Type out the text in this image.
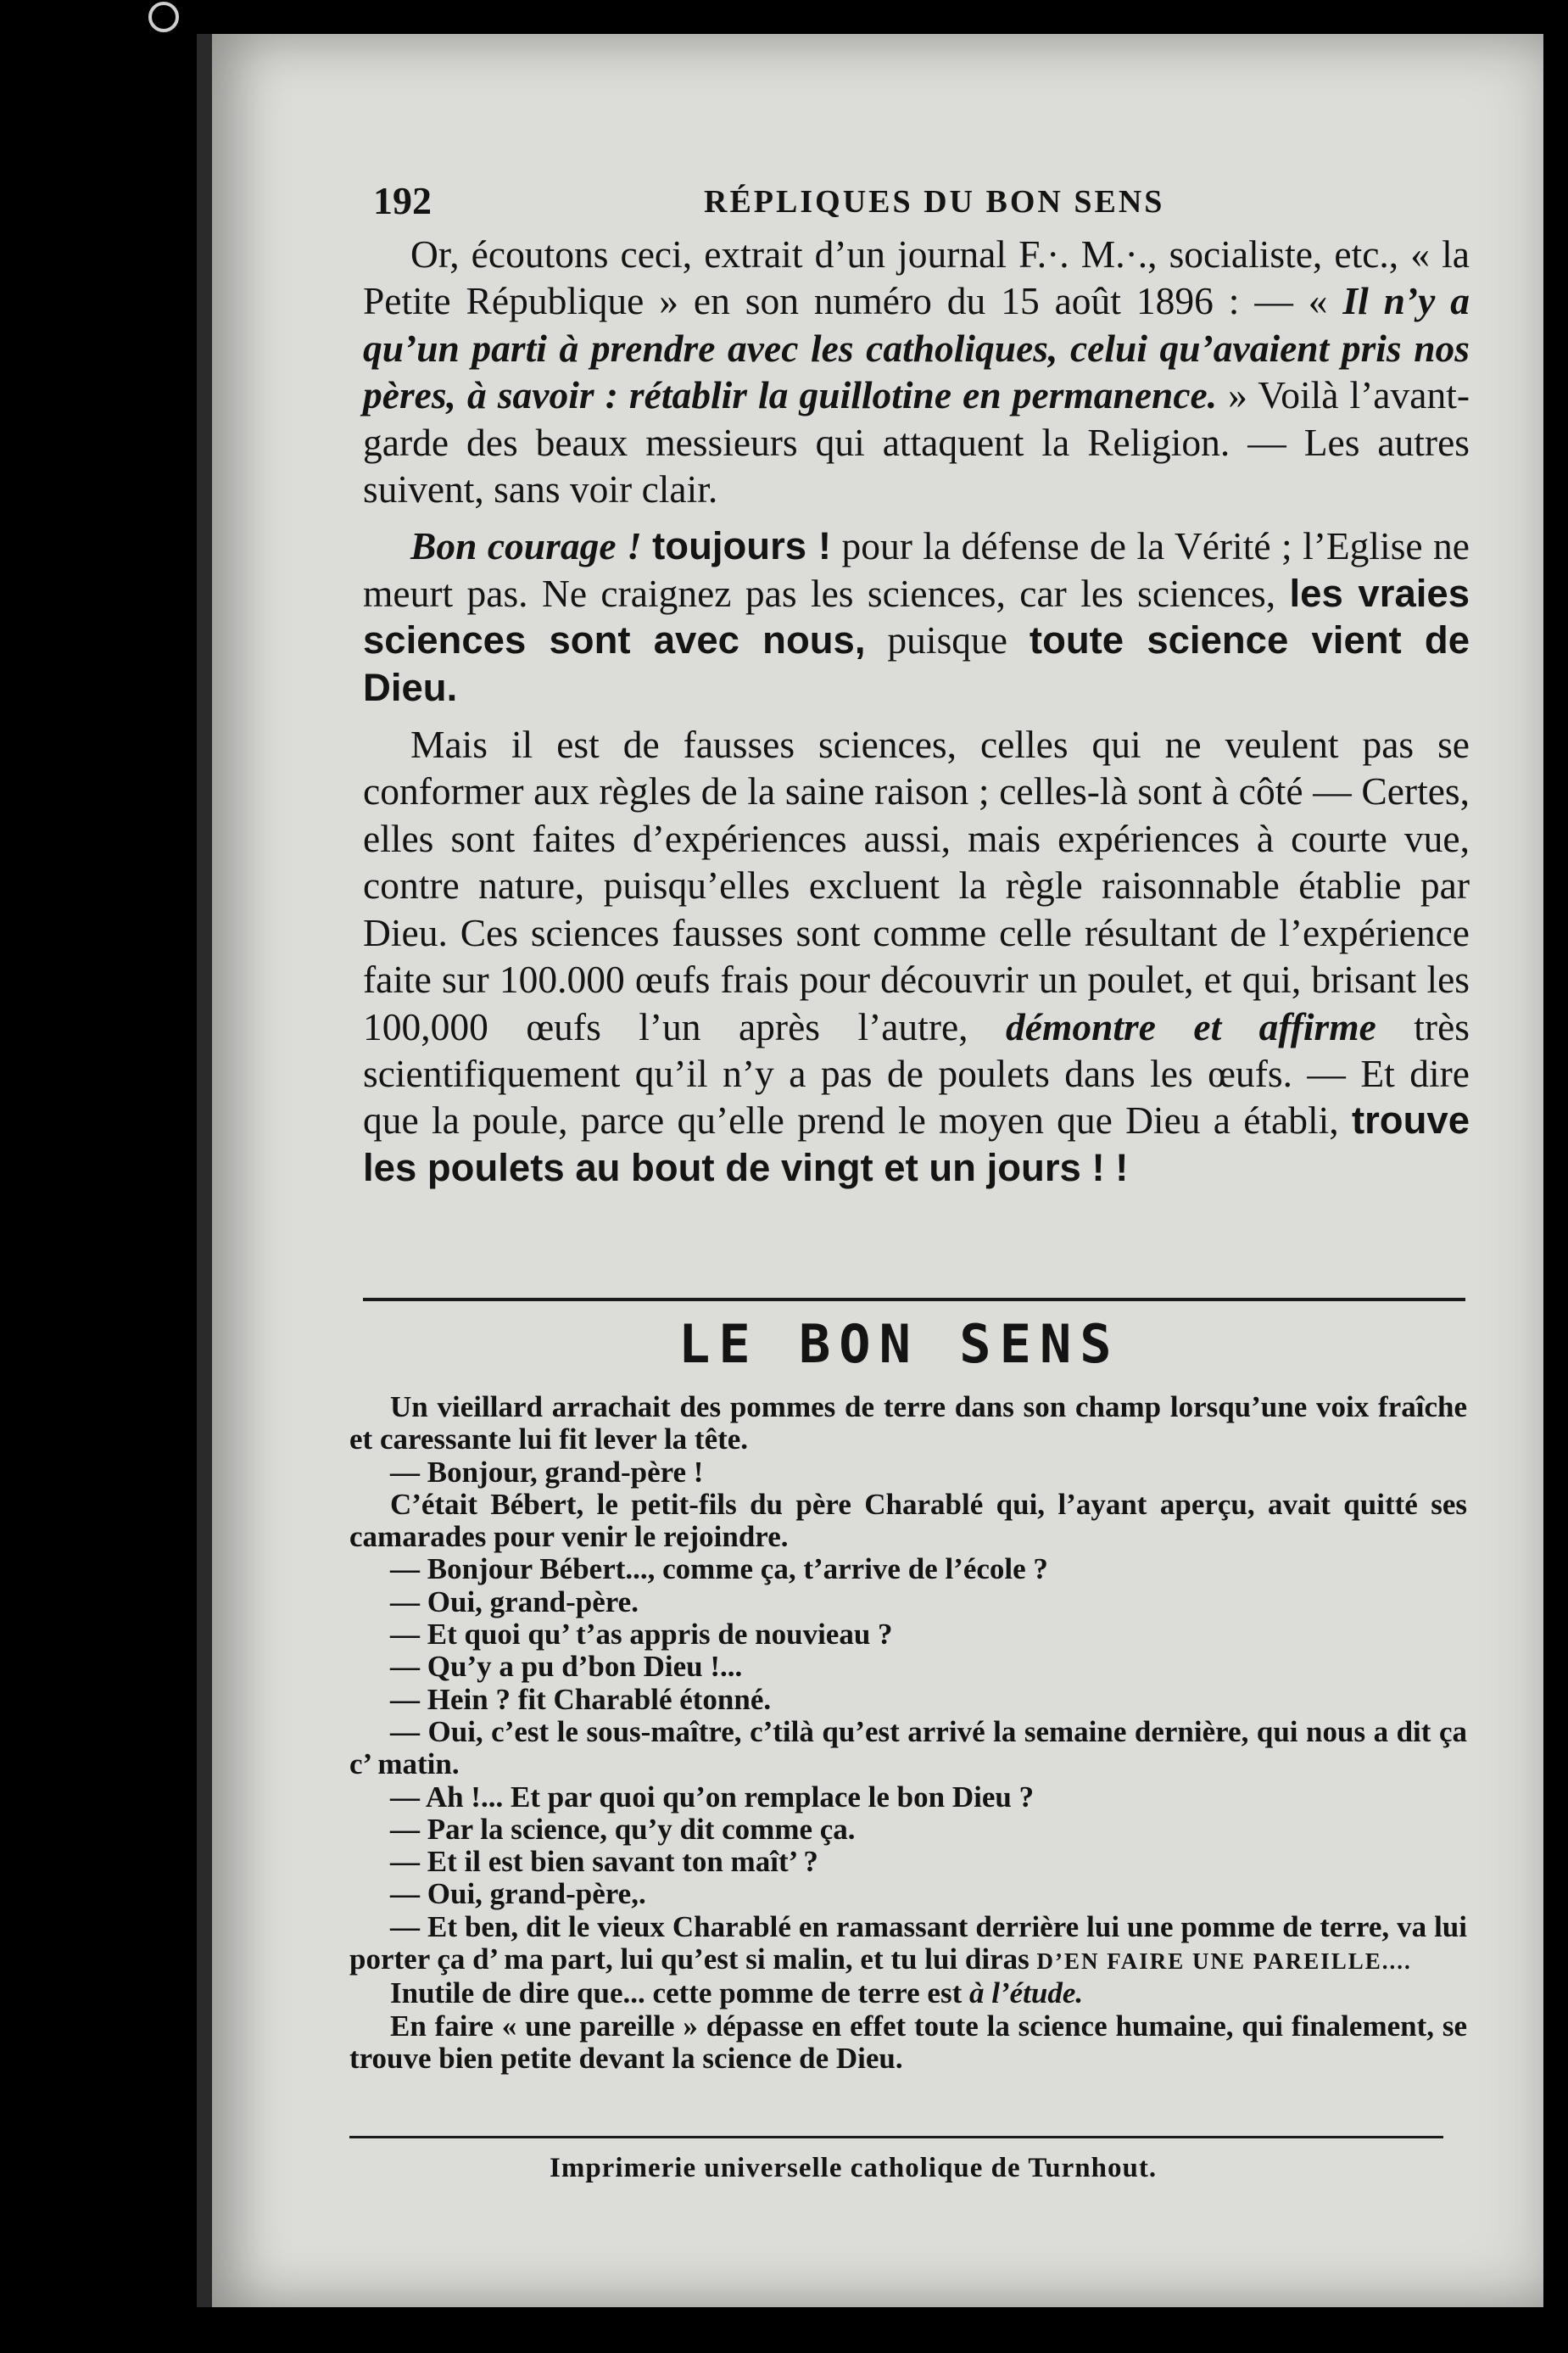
192	RÉPLIQUES DU BON SENS

Or, écoutons ceci, extrait d’un journal F.·. M.·., socialiste, etc., « la Petite République » en son numéro du 15 août 1896 : — « Il n’y a qu’un parti à prendre avec les catholiques, celui qu’avaient pris nos pères, à savoir : rétablir la guillotine en permanence. » Voilà l’avant-garde des beaux messieurs qui attaquent la Religion. — Les autres suivent, sans voir clair.

Bon courage ! toujours ! pour la défense de la Vérité ; l’Eglise ne meurt pas. Ne craignez pas les sciences, car les sciences, les vraies sciences sont avec nous, puisque toute science vient de Dieu.

Mais il est de fausses sciences, celles qui ne veulent pas se conformer aux règles de la saine raison ; celles-là sont à côté — Certes, elles sont faites d’expériences aussi, mais expériences à courte vue, contre nature, puisqu’elles excluent la règle raisonnable établie par Dieu. Ces sciences fausses sont comme celle résultant de l’expérience faite sur 100.000 œufs frais pour découvrir un poulet, et qui, brisant les 100,000 œufs l’un après l’autre, démontre et affirme très scientifiquement qu’il n’y a pas de poulets dans les œufs. — Et dire que la poule, parce qu’elle prend le moyen que Dieu a établi, trouve les poulets au bout de vingt et un jours ! !

LE BON SENS

Un vieillard arrachait des pommes de terre dans son champ lorsqu’une voix fraîche et caressante lui fit lever la tête.

— Bonjour, grand-père !

C’était Bébert, le petit-fils du père Charablé qui, l’ayant aperçu, avait quitté ses camarades pour venir le rejoindre.

— Bonjour Bébert..., comme ça, t’arrive de l’école ?

— Oui, grand-père.

— Et quoi qu’ t’as appris de nouvieau ?

— Qu’y a pu d’bon Dieu !...

— Hein ? fit Charablé étonné.

— Oui, c’est le sous-maître, c’tilà qu’est arrivé la semaine dernière, qui nous a dit ça c’ matin.

— Ah !... Et par quoi qu’on remplace le bon Dieu ?

— Par la science, qu’y dit comme ça.

— Et il est bien savant ton maît’ ?

— Oui, grand-père,.

— Et ben, dit le vieux Charablé en ramassant derrière lui une pomme de terre, va lui porter ça d’ ma part, lui qu’est si malin, et tu lui diras D’EN FAIRE UNE PAREILLE....

Inutile de dire que... cette pomme de terre est à l’étude.

En faire « une pareille » dépasse en effet toute la science humaine, qui finalement, se trouve bien petite devant la science de Dieu.

Imprimerie universelle catholique de Turnhout.
